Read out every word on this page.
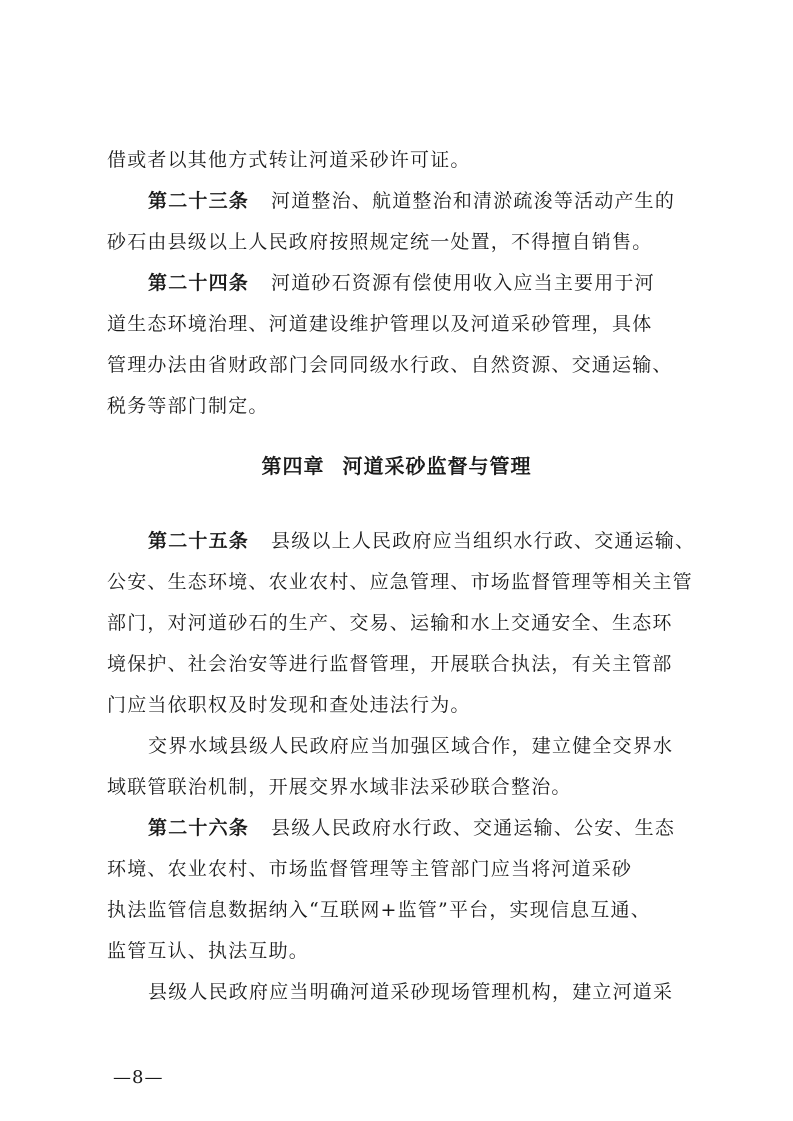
借或者以其他方式转让河道采砂许可证。
第二十三条 河道整治、航道整治和清淤疏浚等活动产生的
砂石由县级以上人民政府按照规定统一处置，不得擅自销售。
第二十四条 河道砂石资源有偿使用收入应当主要用于河
道生态环境治理、河道建设维护管理以及河道采砂管理，具体
管理办法由省财政部门会同同级水行政、自然资源、交通运输、
税务等部门制定。
第四章 河道采砂监督与管理
第二十五条 县级以上人民政府应当组织水行政、交通运输、
公安、生态环境、农业农村、应急管理、市场监督管理等相关主管
部门，对河道砂石的生产、交易、运输和水上交通安全、生态环
境保护、社会治安等进行监督管理，开展联合执法，有关主管部
门应当依职权及时发现和查处违法行为。
交界水域县级人民政府应当加强区域合作，建立健全交界水
域联管联治机制，开展交界水域非法采砂联合整治。
第二十六条 县级人民政府水行政、交通运输、公安、生态
环境、农业农村、市场监督管理等主管部门应当将河道采砂
执法监管信息数据纳入“互联网+监管”平台，实现信息互通、
监管互认、执法互助。
县级人民政府应当明确河道采砂现场管理机构，建立河道采
—8—
